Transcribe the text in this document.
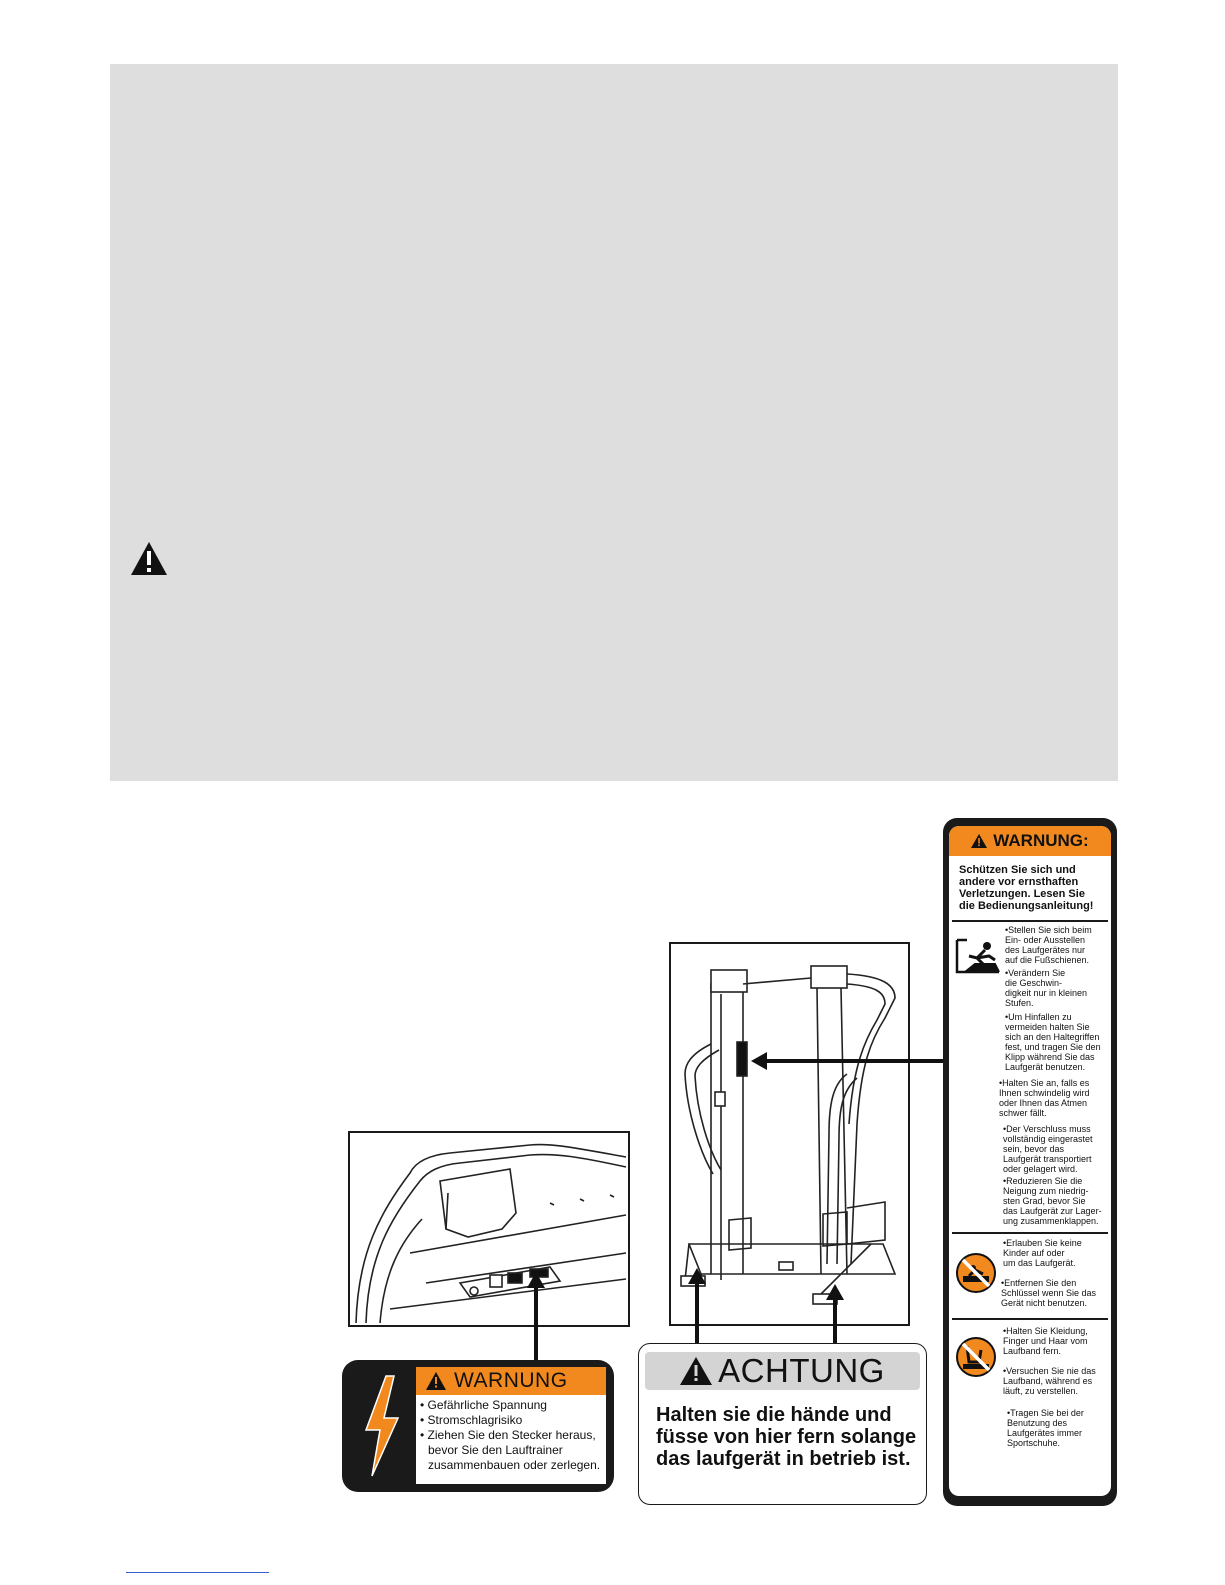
WARNUNG
• Gefährliche Spannung
• Stromschlagrisiko
• Ziehen Sie den Stecker heraus,
bevor Sie den Lauftrainer
zusammenbauen oder zerlegen.
ACHTUNG
Halten sie die hände und
füsse von hier fern solange
das laufgerät in betrieb ist.
WARNUNG:
Schützen Sie sich und
andere vor ernsthaften
Verletzungen. Lesen Sie
die Bedienungsanleitung!
•Stellen Sie sich beim
Ein- oder Ausstellen
des Laufgerätes nur
auf die Fußschienen.
•Verändern Sie
die Geschwin-
digkeit nur in kleinen
Stufen.
•Um Hinfallen zu
vermeiden halten Sie
sich an den Haltegriffen
fest, und tragen Sie den
Klipp während Sie das
Laufgerät benutzen.
•Halten Sie an, falls es
Ihnen schwindelig wird
oder Ihnen das Atmen
schwer fällt.
•Der Verschluss muss
vollständig eingerastet
sein, bevor das
Laufgerät transportiert
oder gelagert wird.
•Reduzieren Sie die
Neigung zum niedrig-
sten Grad, bevor Sie
das Laufgerät zur Lager-
ung zusammenklappen.
•Erlauben Sie keine
Kinder auf oder
um das Laufgerät.
•Entfernen Sie den
Schlüssel wenn Sie das
Gerät nicht benutzen.
•Halten Sie Kleidung,
Finger und Haar vom
Laufband fern.
•Versuchen Sie nie das
Laufband, während es
läuft, zu verstellen.
•Tragen Sie bei der
Benutzung des
Laufgerätes immer
Sportschuhe.
